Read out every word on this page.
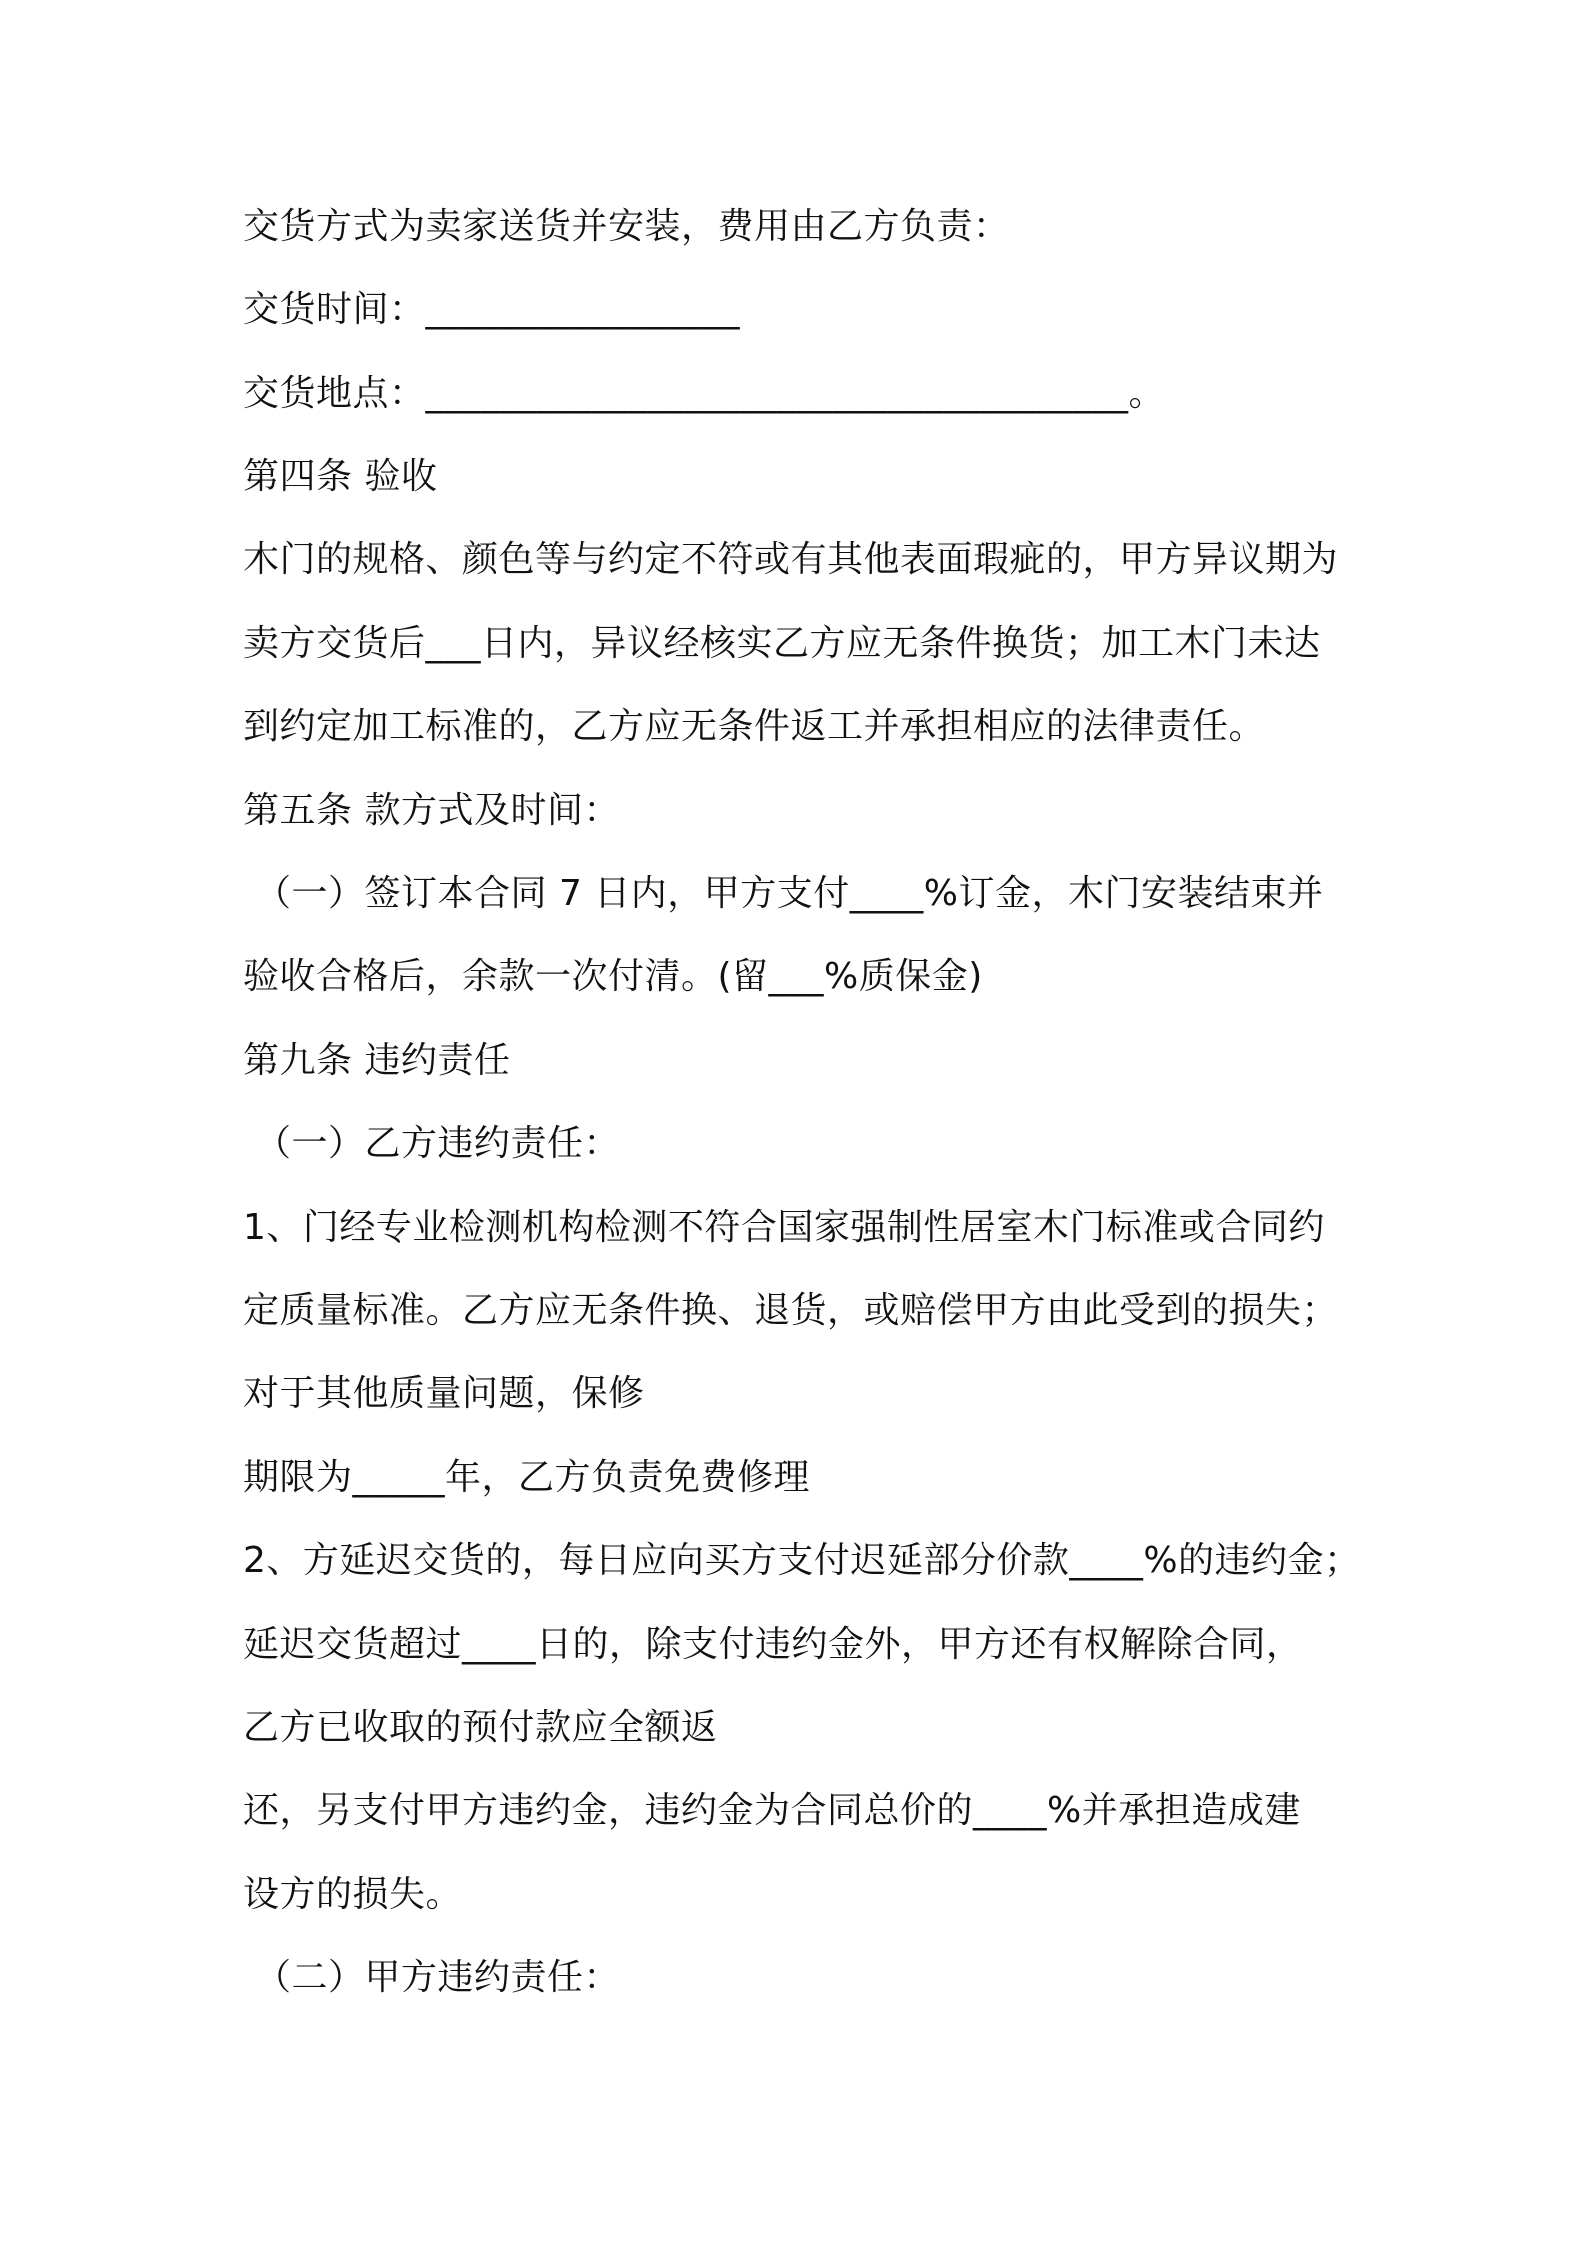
交货方式为卖家送货并安装，费用由乙方负责：
交货时间：_________________
交货地点：______________________________________。
第四条 验收
木门的规格、颜色等与约定不符或有其他表面瑕疵的，甲方异议期为
卖方交货后___日内，异议经核实乙方应无条件换货；加工木门未达
到约定加工标准的，乙方应无条件返工并承担相应的法律责任。
第五条 款方式及时间：
（一）签订本合同 7 日内，甲方支付____%订金，木门安装结束并
验收合格后，余款一次付清。(留___%质保金)
第九条 违约责任
（一）乙方违约责任：
1、门经专业检测机构检测不符合国家强制性居室木门标准或合同约
定质量标准。乙方应无条件换、退货，或赔偿甲方由此受到的损失；
对于其他质量问题，保修
期限为_____年，乙方负责免费修理
2、方延迟交货的，每日应向买方支付迟延部分价款____%的违约金；
延迟交货超过____日的，除支付违约金外，甲方还有权解除合同，
乙方已收取的预付款应全额返
还，另支付甲方违约金，违约金为合同总价的____%并承担造成建
设方的损失。
（二）甲方违约责任：
